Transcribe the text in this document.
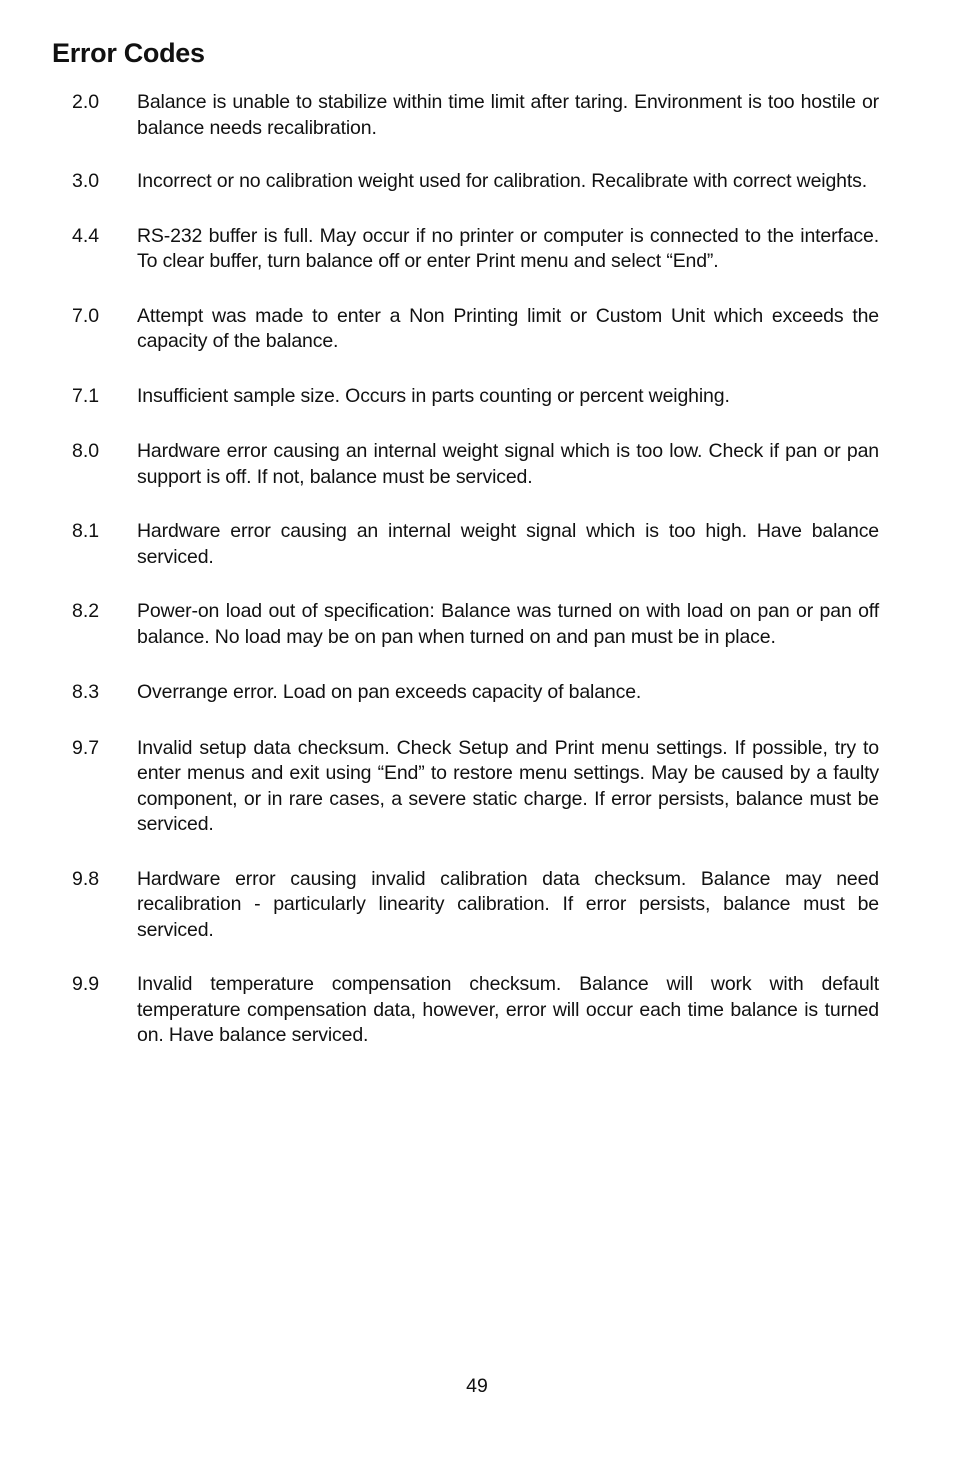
Error Codes
2.0 Balance is unable to stabilize within time limit after taring. Environment is too hostile or balance needs recalibration.

3.0 Incorrect or no calibration weight used for calibration. Recalibrate with correct weights.

4.4 RS-232 buffer is full. May occur if no printer or computer is connected to the interface. To clear buffer, turn balance off or enter Print menu and select “End”.

7.0 Attempt was made to enter a Non Printing limit or Custom Unit which exceeds the capacity of the balance.

7.1 Insufficient sample size. Occurs in parts counting or percent weighing.

8.0 Hardware error causing an internal weight signal which is too low. Check if pan or pan support is off. If not, balance must be serviced.

8.1 Hardware error causing an internal weight signal which is too high. Have balance serviced.

8.2 Power-on load out of specification: Balance was turned on with load on pan or pan off balance. No load may be on pan when turned on and pan must be in place.

8.3 Overrange error. Load on pan exceeds capacity of balance.

9.7 Invalid setup data checksum. Check Setup and Print menu settings. If possible, try to enter menus and exit using “End” to restore menu settings. May be caused by a faulty component, or in rare cases, a severe static charge. If error persists, balance must be serviced.

9.8 Hardware error causing invalid calibration data checksum. Balance may need recalibration - particularly linearity calibration. If error persists, balance must be serviced.

9.9 Invalid temperature compensation checksum. Balance will work with default temperature compensation data, however, error will occur each time balance is turned on. Have balance serviced.

49
